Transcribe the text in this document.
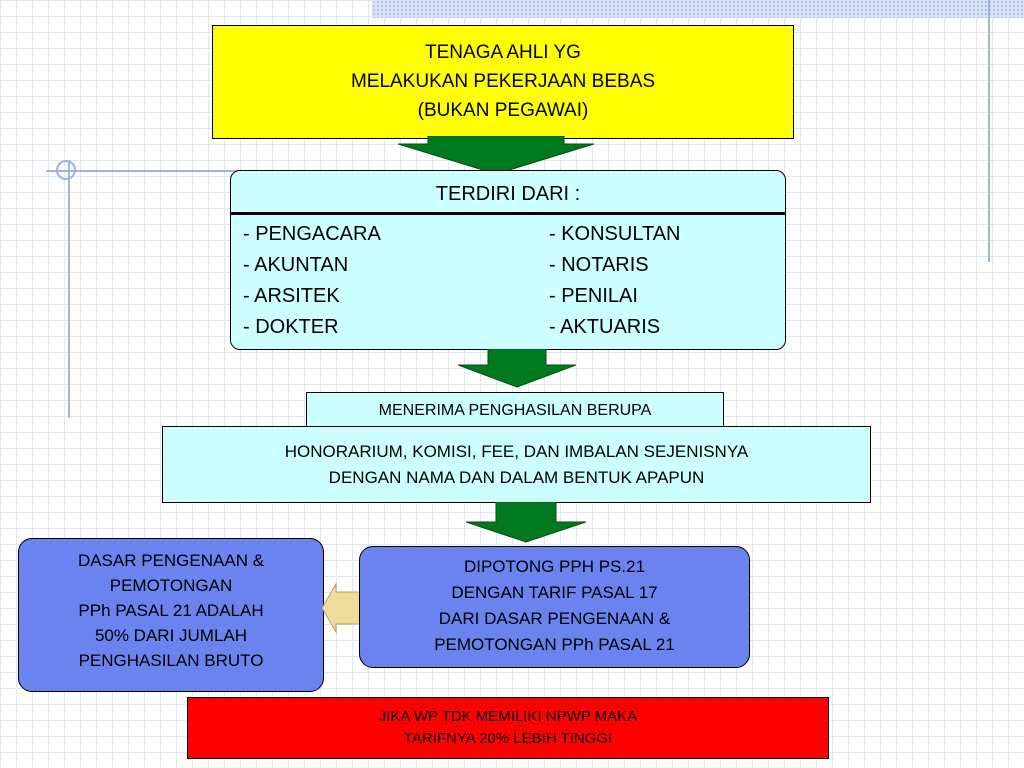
TENAGA AHLI YG
MELAKUKAN PEKERJAAN BEBAS
(BUKAN PEGAWAI)
TERDIRI DARI :
- PENGACARA
- AKUNTAN
- ARSITEK
- DOKTER
- KONSULTAN
- NOTARIS
- PENILAI
- AKTUARIS
MENERIMA PENGHASILAN BERUPA
HONORARIUM, KOMISI, FEE, DAN IMBALAN SEJENISNYA
DENGAN NAMA DAN DALAM BENTUK APAPUN
DASAR PENGENAAN &
PEMOTONGAN
PPh PASAL 21 ADALAH
50% DARI JUMLAH
PENGHASILAN BRUTO
DIPOTONG PPH PS.21
DENGAN TARIF PASAL 17
DARI DASAR PENGENAAN &
PEMOTONGAN PPh PASAL 21
JIKA WP TDK MEMILIKI NPWP MAKA
TARIFNYA 20% LEBIH TINGGI
